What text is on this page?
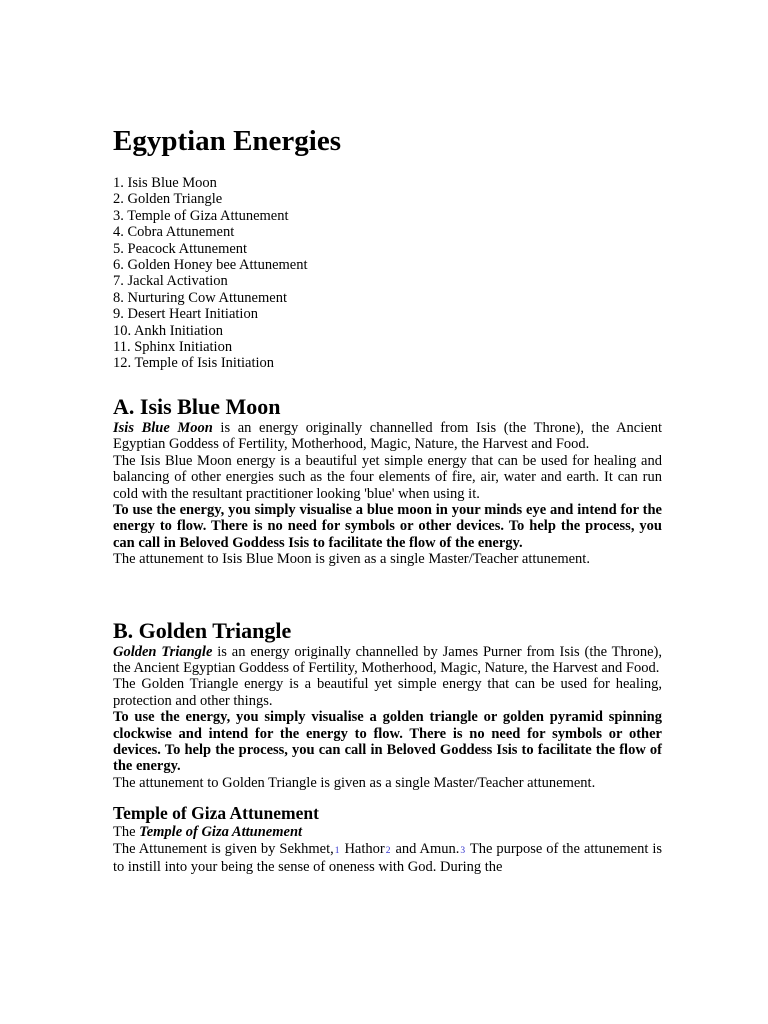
Egyptian Energies
1. Isis Blue Moon
2. Golden Triangle
3. Temple of Giza Attunement
4. Cobra Attunement
5. Peacock Attunement
6. Golden Honey bee Attunement
7. Jackal Activation
8. Nurturing Cow Attunement
9. Desert Heart Initiation
10. Ankh Initiation
11. Sphinx Initiation
12. Temple of Isis Initiation
A. Isis Blue Moon

Isis Blue Moon is an energy originally channelled from Isis (the Throne), the Ancient Egyptian Goddess of Fertility, Motherhood, Magic, Nature, the Harvest and Food.

The Isis Blue Moon energy is a beautiful yet simple energy that can be used for healing and balancing of other energies such as the four elements of fire, air, water and earth. It can run cold with the resultant practitioner looking 'blue' when using it.

To use the energy, you simply visualise a blue moon in your minds eye and intend for the energy to flow. There is no need for symbols or other devices. To help the process, you can call in Beloved Goddess Isis to facilitate the flow of the energy.

The attunement to Isis Blue Moon is given as a single Master/Teacher attunement.

B. Golden Triangle

Golden Triangle is an energy originally channelled by James Purner from Isis (the Throne), the Ancient Egyptian Goddess of Fertility, Motherhood, Magic, Nature, the Harvest and Food.

The Golden Triangle energy is a beautiful yet simple energy that can be used for healing, protection and other things.

To use the energy, you simply visualise a golden triangle or golden pyramid spinning clockwise and intend for the energy to flow. There is no need for symbols or other devices. To help the process, you can call in Beloved Goddess Isis to facilitate the flow of the energy.

The attunement to Golden Triangle is given as a single Master/Teacher attunement.

Temple of Giza Attunement

The Temple of Giza Attunement

The Attunement is given by Sekhmet,1 Hathor2 and Amun.3 The purpose of the attunement is to instill into your being the sense of oneness with God. During the
